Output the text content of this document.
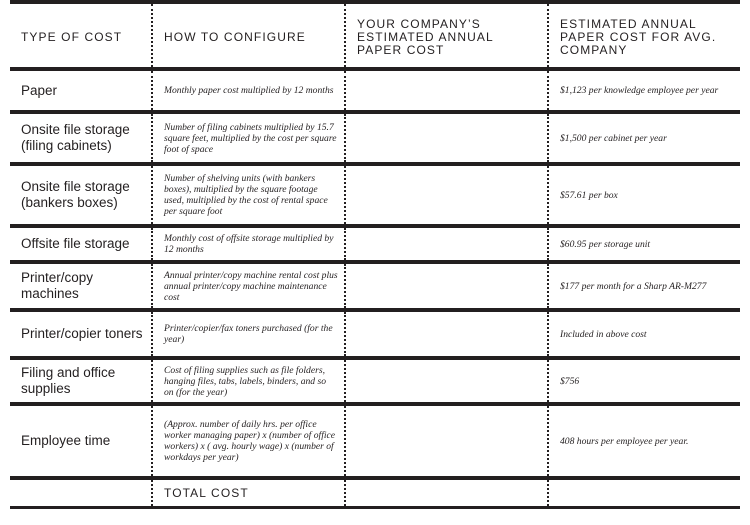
TYPE OF COST	HOW TO CONFIGURE	YOUR COMPANY’S ESTIMATED ANNUAL PAPER COST	ESTIMATED ANNUAL PAPER COST FOR AVG. COMPANY
Paper	Monthly paper cost multiplied by 12 months		$1,123 per knowledge employee per year
Onsite file storage (filing cabinets)	Number of filing cabinets multiplied by 15.7 square feet, multiplied by the cost per square foot of space		$1,500 per cabinet per year
Onsite file storage (bankers boxes)	Number of shelving units (with bankers boxes), multiplied by the square footage used, multiplied by the cost of rental space per square foot		$57.61 per box
Offsite file storage	Monthly cost of offsite storage multiplied by 12 months		$60.95 per storage unit
Printer/copy machines	Annual printer/copy machine rental cost plus annual printer/copy machine maintenance cost		$177 per month for a Sharp AR-M277
Printer/copier toners	Printer/copier/fax toners purchased (for the year)		Included in above cost
Filing and office supplies	Cost of filing supplies such as file folders, hanging files, tabs, labels, binders, and so on (for the year)		$756
Employee time	(Approx. number of daily hrs. per office worker managing paper) x (number of office workers) x ( avg. hourly wage) x (number of workdays per year)		408 hours per employee per year.
	TOTAL COST		
